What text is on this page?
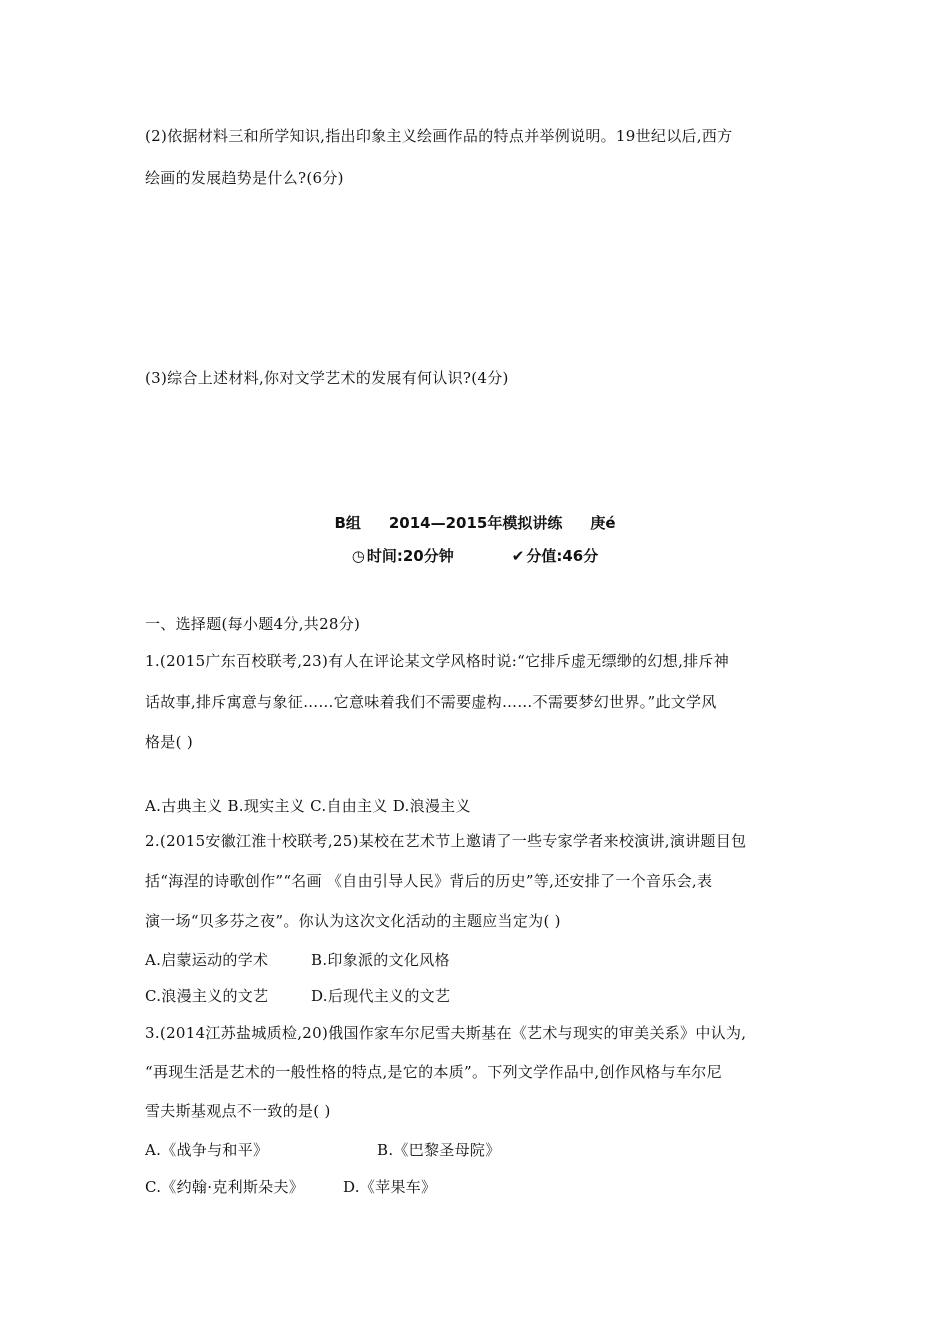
(2)依据材料三和所学知识,指出印象主义绘画作品的特点并举例说明。19世纪以后,西方
绘画的发展趋势是什么?(6分)
(3)综合上述材料,你对文学艺术的发展有何认识?(4分)
B组 2014—2015年模拟讲练 庚é
◷ 时间:20分钟	✔ 分值:46分
一、选择题(每小题4分,共28分)
1.(2015广东百校联考,23)有人在评论某文学风格时说:“它排斥虚无缥缈的幻想,排斥神
话故事,排斥寓意与象征……它意味着我们不需要虚构……不需要梦幻世界。”此文学风
格是( )
A.古典主义 B.现实主义 C.自由主义 D.浪漫主义
2.(2015安徽江淮十校联考,25)某校在艺术节上邀请了一些专家学者来校演讲,演讲题目包
括“海涅的诗歌创作”“名画 《自由引导人民》背后的历史”等,还安排了一个音乐会,表
演一场“贝多芬之夜”。你认为这次文化活动的主题应当定为( )
A.启蒙运动的学术	B.印象派的文化风格
C.浪漫主义的文艺	D.后现代主义的文艺
3.(2014江苏盐城质检,20)俄国作家车尔尼雪夫斯基在《艺术与现实的审美关系》中认为,
“再现生活是艺术的一般性格的特点,是它的本质”。下列文学作品中,创作风格与车尔尼
雪夫斯基观点不一致的是( )
A.《战争与和平》	B.《巴黎圣母院》
C.《约翰·克利斯朵夫》	D.《苹果车》
